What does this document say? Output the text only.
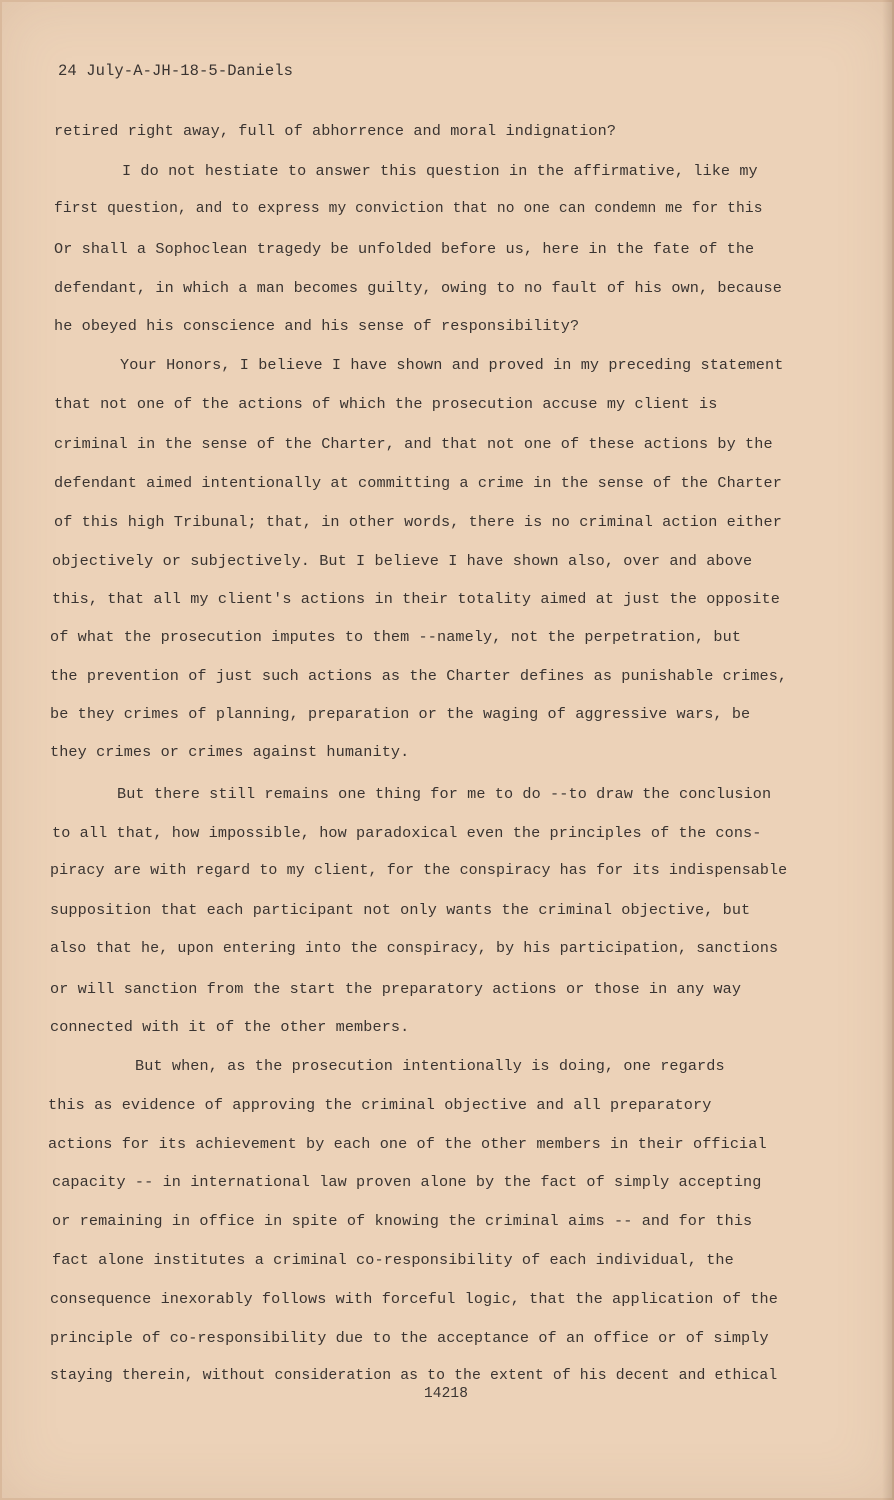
24 July-A-JH-18-5-Daniels
retired right away, full of abhorrence and moral indignation?
I do not hestiate to answer this question in the affirmative, like my
first question, and to express my conviction that no one can condemn me for this
Or shall a Sophoclean tragedy be unfolded before us, here in the fate of the
defendant, in which a man becomes guilty, owing to no fault of his own, because
he obeyed his conscience and his sense of responsibility?
Your Honors, I believe I have shown and proved in my preceding statement
that not one of the actions of which the prosecution accuse my client is
criminal in the sense of the Charter, and that not one of these actions by the
defendant aimed intentionally at committing a crime in the sense of the Charter
of this high Tribunal; that, in other words, there is no criminal action either
objectively or subjectively. But I believe I have shown also, over and above
this, that all my client's actions in their totality aimed at just the opposite
of what the prosecution imputes to them --namely, not the perpetration, but
the prevention of just such actions as the Charter defines as punishable crimes,
be they crimes of planning, preparation or the waging of aggressive wars, be
they crimes or crimes against humanity.
But there still remains one thing for me to do --to draw the conclusion
to all that, how impossible, how paradoxical even the principles of the cons-
piracy are with regard to my client, for the conspiracy has for its indispensable
supposition that each participant not only wants the criminal objective, but
also that he, upon entering into the conspiracy, by his participation, sanctions
or will sanction from the start the preparatory actions or those in any way
connected with it of the other members.
But when, as the prosecution intentionally is doing, one regards
this as evidence of approving the criminal objective and all preparatory
actions for its achievement by each one of the other members in their official
capacity -- in international law proven alone by the fact of simply accepting
or remaining in office in spite of knowing the criminal aims -- and for this
fact alone institutes a criminal co-responsibility of each individual, the
consequence inexorably follows with forceful logic, that the application of the
principle of co-responsibility due to the acceptance of an office or of simply
staying therein, without consideration as to the extent of his decent and ethical
14218
